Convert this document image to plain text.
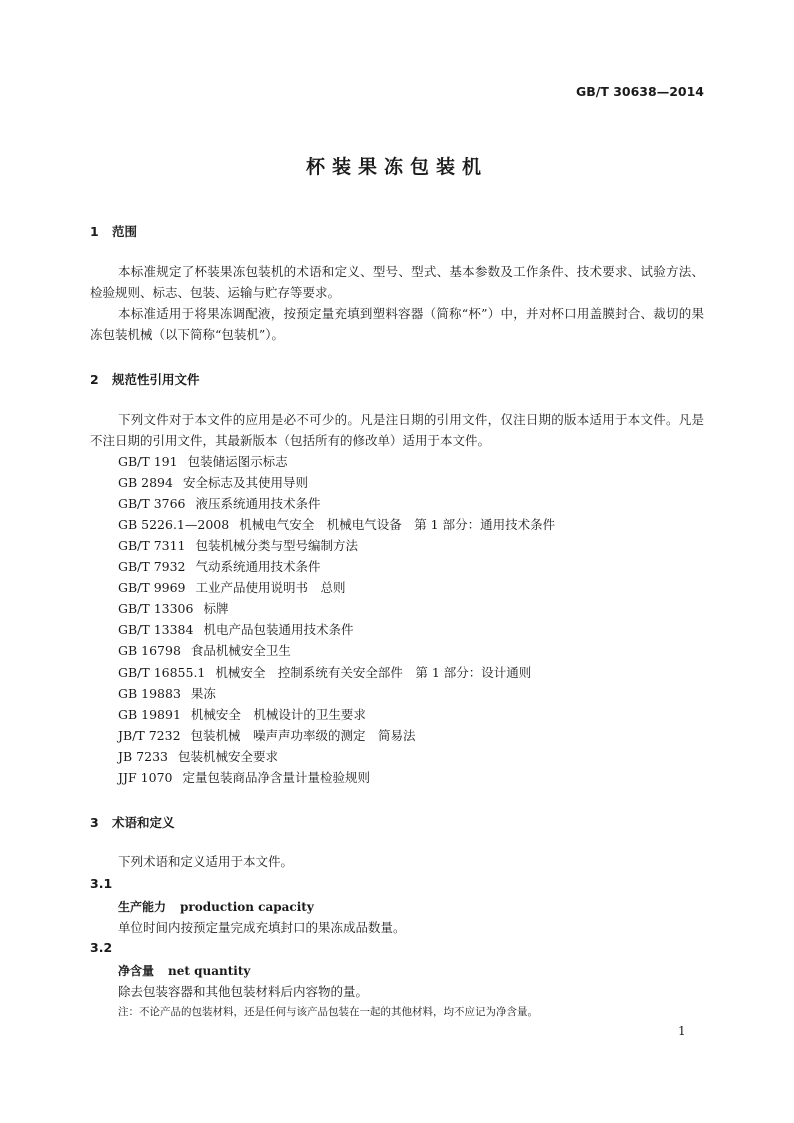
GB/T 30638—2014
杯装果冻包装机
1 范围
本标准规定了杯装果冻包装机的术语和定义、型号、型式、基本参数及工作条件、技术要求、试验方法、检验规则、标志、包装、运输与贮存等要求。
本标准适用于将果冻调配液，按预定量充填到塑料容器（简称“杯”）中，并对杯口用盖膜封合、裁切的果冻包装机械（以下简称“包装机”）。
2 规范性引用文件
下列文件对于本文件的应用是必不可少的。凡是注日期的引用文件，仅注日期的版本适用于本文件。凡是不注日期的引用文件，其最新版本（包括所有的修改单）适用于本文件。
GB/T 191 包装储运图示标志
GB 2894 安全标志及其使用导则
GB/T 3766 液压系统通用技术条件
GB 5226.1—2008 机械电气安全　机械电气设备　第 1 部分：通用技术条件
GB/T 7311 包装机械分类与型号编制方法
GB/T 7932 气动系统通用技术条件
GB/T 9969 工业产品使用说明书　总则
GB/T 13306 标牌
GB/T 13384 机电产品包装通用技术条件
GB 16798 食品机械安全卫生
GB/T 16855.1 机械安全　控制系统有关安全部件　第 1 部分：设计通则
GB 19883 果冻
GB 19891 机械安全　机械设计的卫生要求
JB/T 7232 包装机械　噪声声功率级的测定　简易法
JB 7233 包装机械安全要求
JJF 1070 定量包装商品净含量计量检验规则
3 术语和定义
下列术语和定义适用于本文件。
3.1
生产能力 production capacity
单位时间内按预定量完成充填封口的果冻成品数量。
3.2
净含量 net quantity
除去包装容器和其他包装材料后内容物的量。
注：不论产品的包装材料，还是任何与该产品包装在一起的其他材料，均不应记为净含量。
1
